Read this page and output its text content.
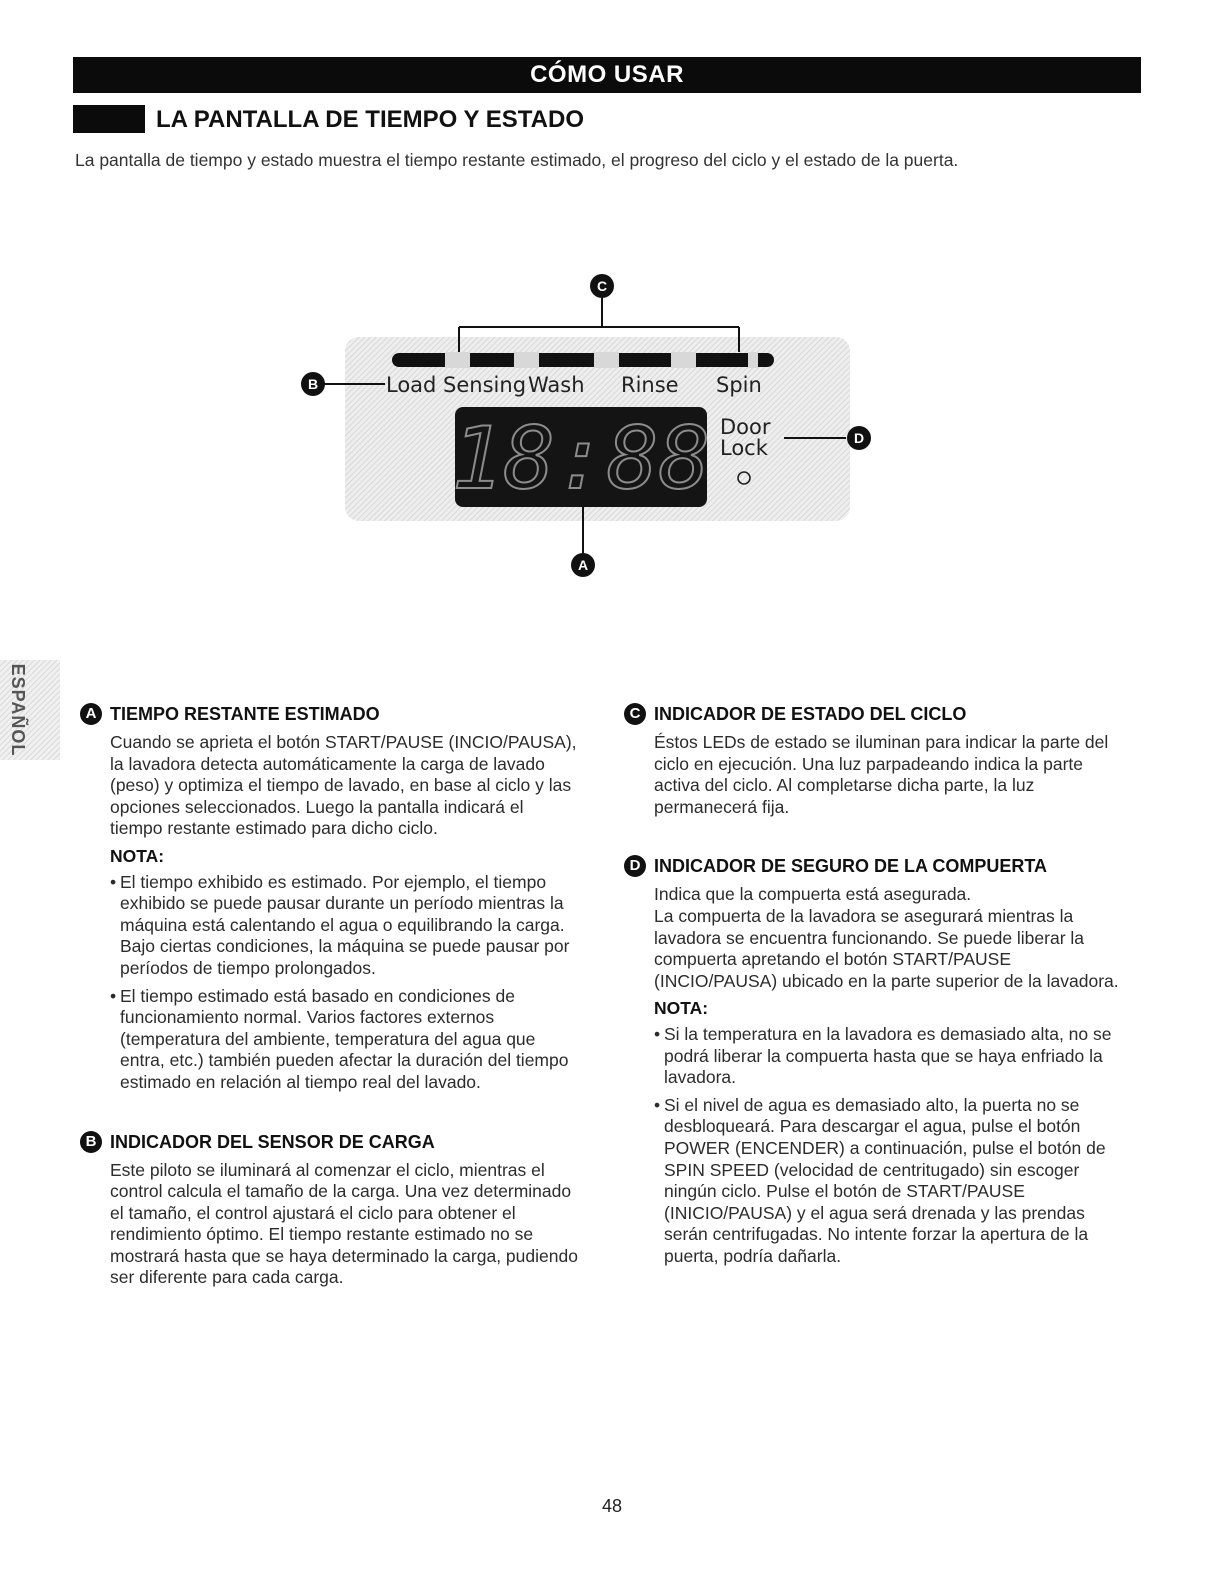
CÓMO USAR
LA PANTALLA DE TIEMPO Y ESTADO
La pantalla de tiempo y estado muestra el tiempo restante estimado, el progreso del ciclo y el estado de la puerta.
Load Sensing Wash Rinse Spin
18:88 Door
Lock
C
B
D
A
ESPAÑOL	A TIEMPO RESTANTE ESTIMADO

Cuando se aprieta el botón START/PAUSE (INCIO/PAUSA), la lavadora detecta automáticamente la carga de lavado (peso) y optimiza el tiempo de lavado, en base al ciclo y las opciones seleccionados. Luego la pantalla indicará el tiempo restante estimado para dicho ciclo.

NOTA:
• El tiempo exhibido es estimado. Por ejemplo, el tiempo exhibido se puede pausar durante un período mientras la máquina está calentando el agua o equilibrando la carga. Bajo ciertas condiciones, la máquina se puede pausar por períodos de tiempo prolongados.
• El tiempo estimado está basado en condiciones de funcionamiento normal. Varios factores externos (temperatura del ambiente, temperatura del agua que entra, etc.) también pueden afectar la duración del tiempo estimado en relación al tiempo real del lavado.
B INDICADOR DEL SENSOR DE CARGA

Este piloto se iluminará al comenzar el ciclo, mientras el control calcula el tamaño de la carga. Una vez determinado el tamaño, el control ajustará el ciclo para obtener el rendimiento óptimo. El tiempo restante estimado no se mostrará hasta que se haya determinado la carga, pudiendo ser diferente para cada carga.

C INDICADOR DE ESTADO DEL CICLO

Éstos LEDs de estado se iluminan para indicar la parte del ciclo en ejecución. Una luz parpadeando indica la parte activa del ciclo. Al completarse dicha parte, la luz permanecerá fija.

D INDICADOR DE SEGURO DE LA COMPUERTA

Indica que la compuerta está asegurada.

La compuerta de la lavadora se asegurará mientras la lavadora se encuentra funcionando. Se puede liberar la compuerta apretando el botón START/PAUSE (INCIO/PAUSA) ubicado en la parte superior de la lavadora.

NOTA:
• Si la temperatura en la lavadora es demasiado alta, no se podrá liberar la compuerta hasta que se haya enfriado la lavadora.
• Si el nivel de agua es demasiado alto, la puerta no se desbloqueará. Para descargar el agua, pulse el botón POWER (ENCENDER) a continuación, pulse el botón de SPIN SPEED (velocidad de centritugado) sin escoger ningún ciclo. Pulse el botón de START/PAUSE (INICIO/PAUSA) y el agua será drenada y las prendas serán centrifugadas. No intente forzar la apertura de la puerta, podría dañarla.
48
